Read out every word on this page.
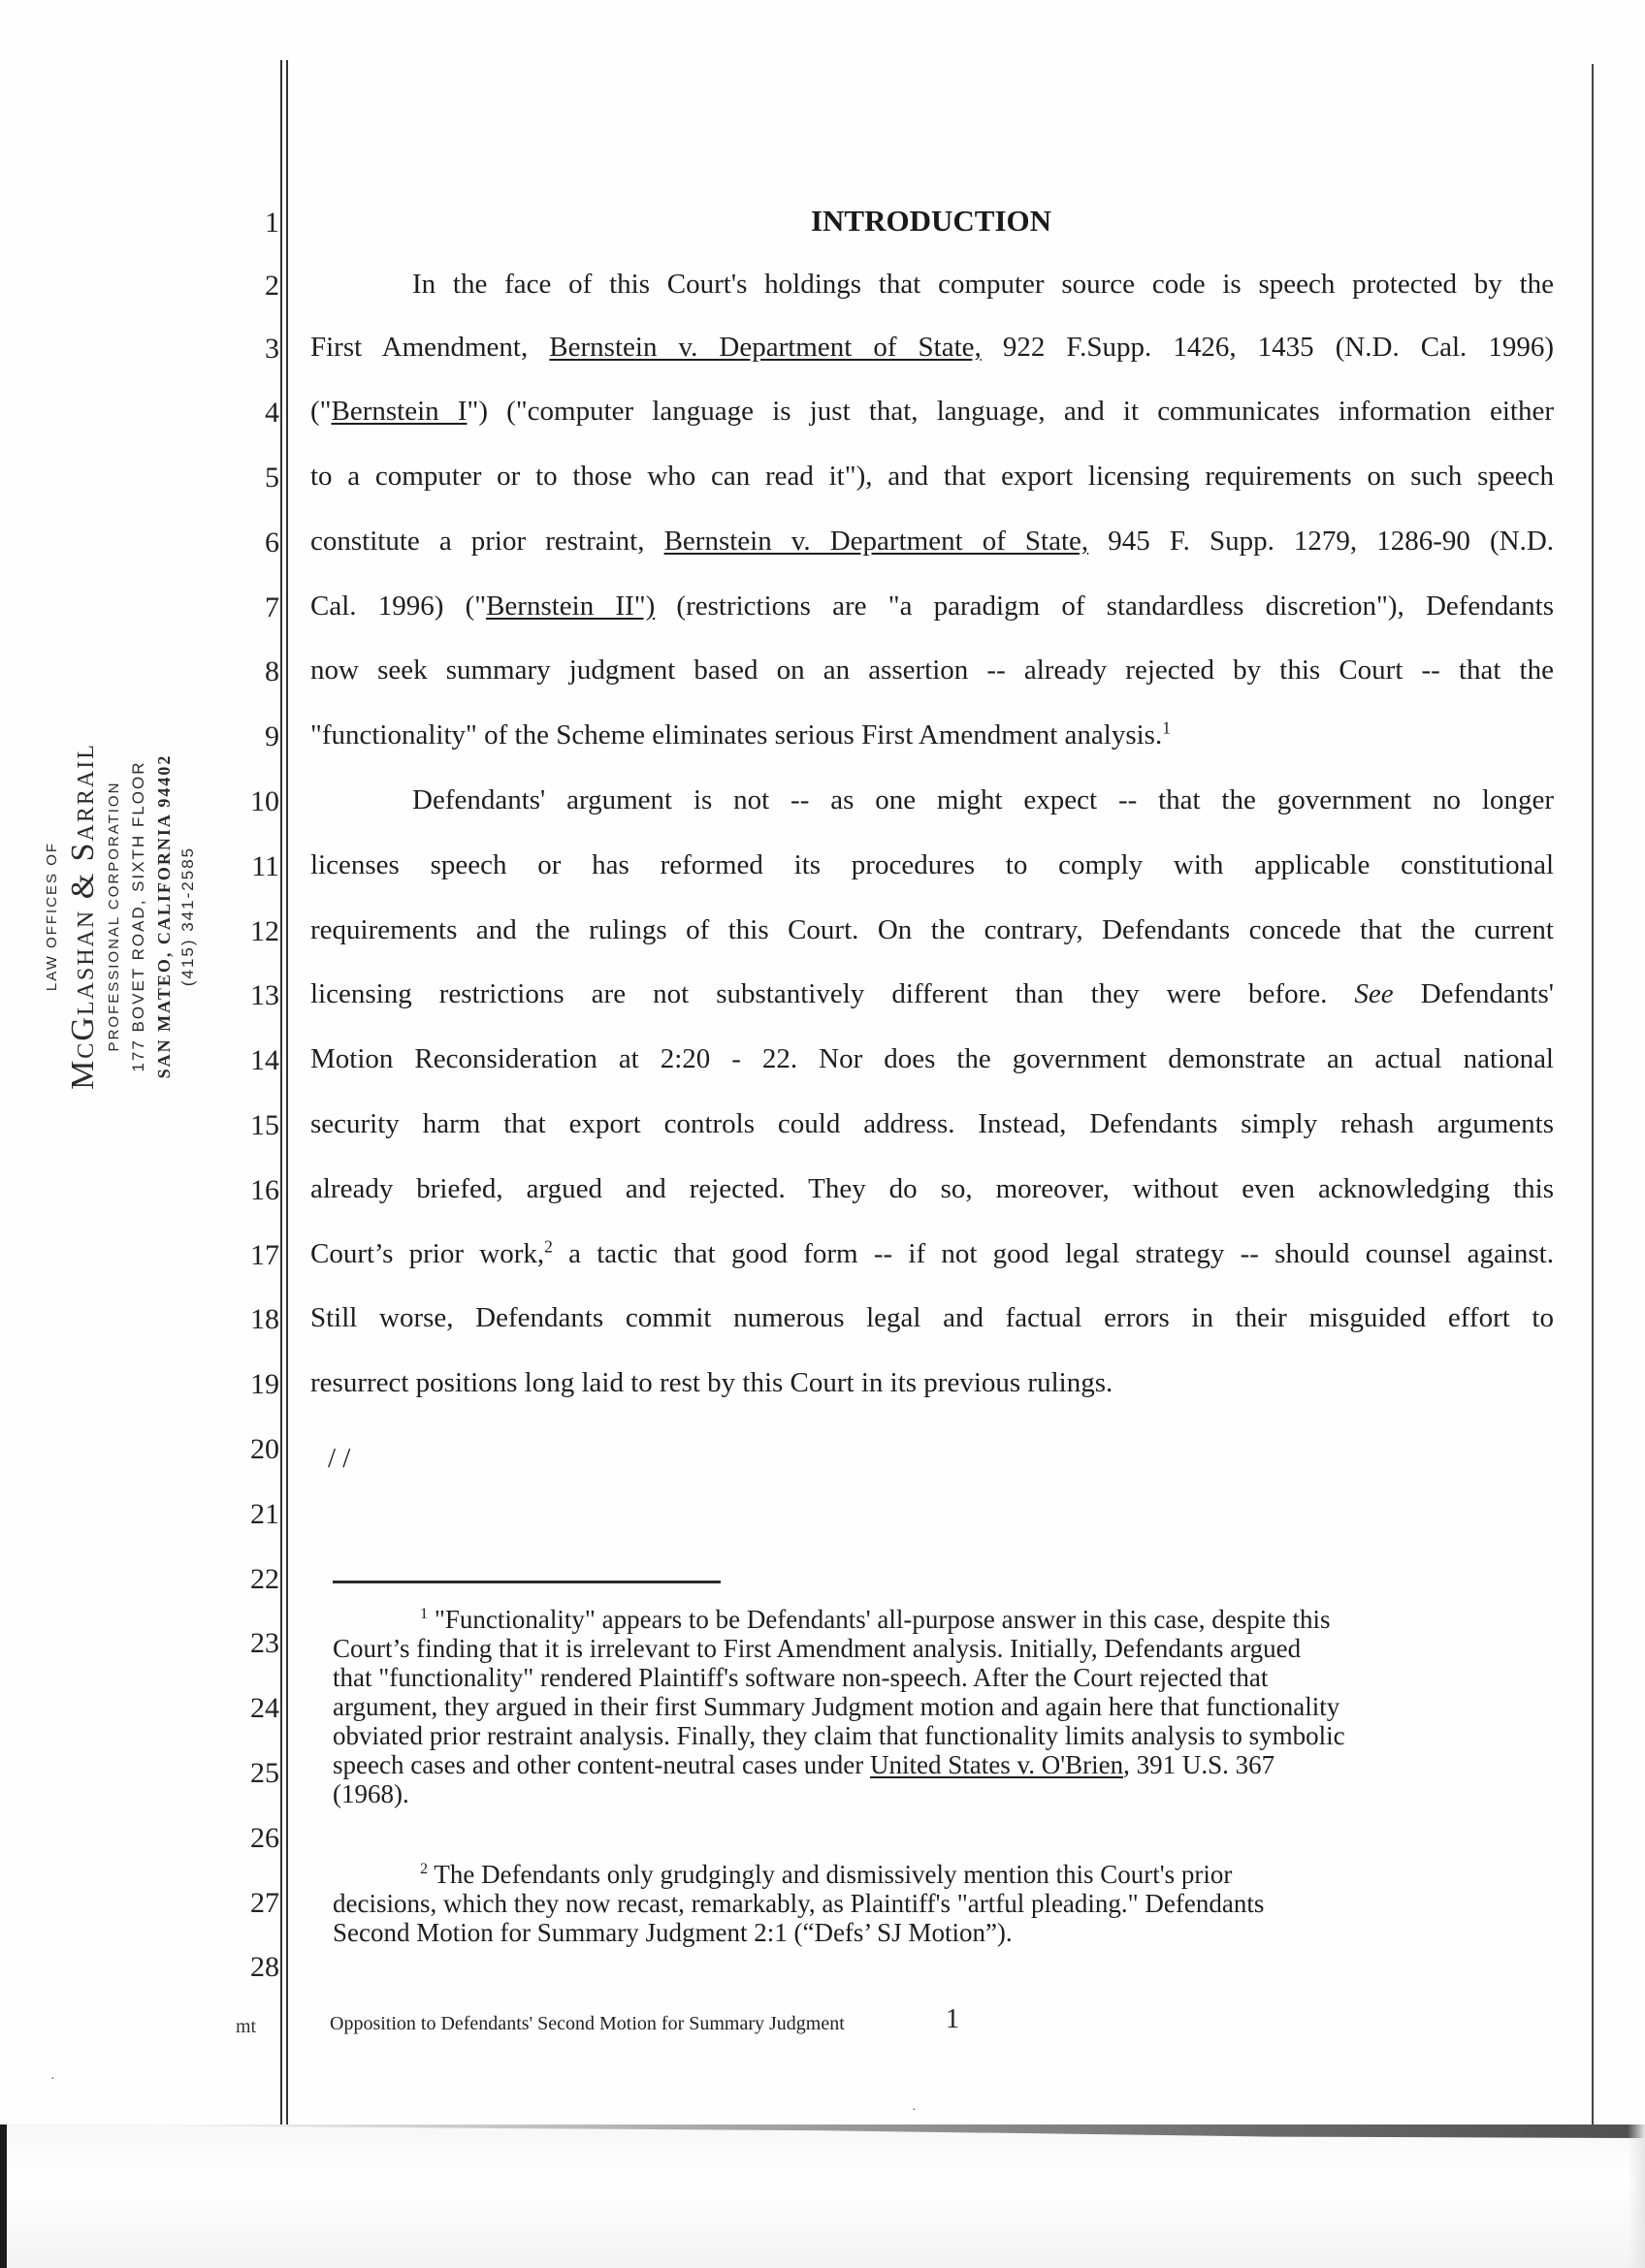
LAW OFFICES OF McGlashan & Sarrail PROFESSIONAL CORPORATION 177 BOVET ROAD, SIXTH FLOOR SAN MATEO, CALIFORNIA 94402 (415) 341-2585
1
2
3
4
5
6
7
8
9
10
11
12
13
14
15
16
17
18
19
20
21
22
23
24
25
26
27
28
INTRODUCTION
In the face of this Court's holdings that computer source code is speech protected by the
First Amendment, Bernstein v. Department of State, 922 F.Supp. 1426, 1435 (N.D. Cal. 1996)
("Bernstein I") ("computer language is just that, language, and it communicates information either
to a computer or to those who can read it"), and that export licensing requirements on such speech
constitute a prior restraint, Bernstein v. Department of State, 945 F. Supp. 1279, 1286-90 (N.D.
Cal. 1996) ("Bernstein II") (restrictions are "a paradigm of standardless discretion"), Defendants
now seek summary judgment based on an assertion -- already rejected by this Court -- that the
"functionality" of the Scheme eliminates serious First Amendment analysis.$^1$
Defendants' argument is not -- as one might expect -- that the government no longer
licenses speech or has reformed its procedures to comply with applicable constitutional
requirements and the rulings of this Court. On the contrary, Defendants concede that the current
licensing restrictions are not substantively different than they were before. See Defendants'
Motion Reconsideration at 2:20 - 22. Nor does the government demonstrate an actual national
security harm that export controls could address. Instead, Defendants simply rehash arguments
already briefed, argued and rejected. They do so, moreover, without even acknowledging this
Court’s prior work,$^2$ a tactic that good form -- if not good legal strategy -- should counsel against.
Still worse, Defendants commit numerous legal and factual errors in their misguided effort to
resurrect positions long laid to rest by this Court in its previous rulings.
/ /
$^1$ "Functionality" appears to be Defendants' all-purpose answer in this case, despite this
Court’s finding that it is irrelevant to First Amendment analysis. Initially, Defendants argued
that "functionality" rendered Plaintiff's software non-speech. After the Court rejected that
argument, they argued in their first Summary Judgment motion and again here that functionality
obviated prior restraint analysis. Finally, they claim that functionality limits analysis to symbolic
speech cases and other content-neutral cases under United States v. O'Brien, 391 U.S. 367
(1968).
$^2$ The Defendants only grudgingly and dismissively mention this Court's prior
decisions, which they now recast, remarkably, as Plaintiff's "artful pleading." Defendants
Second Motion for Summary Judgment 2:1 (“Defs’ SJ Motion”).
mt	Opposition to Defendants' Second Motion for Summary Judgment	1
·
·
